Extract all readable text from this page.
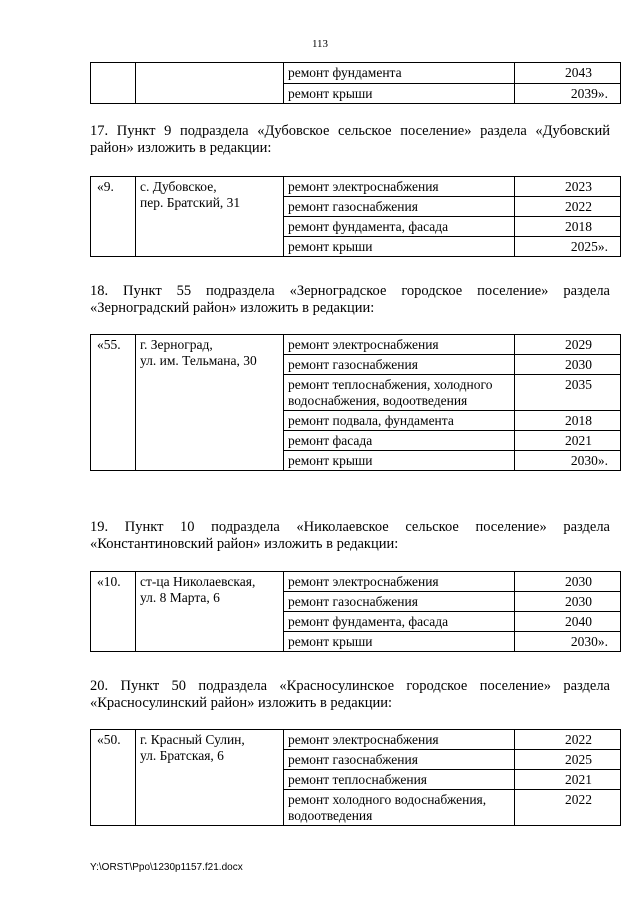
113
		ремонт фундамента	2043
		ремонт крыши	2039».
17. Пункт 9 подраздела «Дубовское сельское поселение» раздела «Дубовский район» изложить в редакции:
«9.	с. Дубовское,
пер. Братский, 31	ремонт электроснабжения	2023
		ремонт газоснабжения	2022
		ремонт фундамента, фасада	2018
		ремонт крыши	2025».
18. Пункт 55 подраздела «Зерноградское городское поселение» раздела «Зерноградский район» изложить в редакции:
«55.	г. Зерноград,
ул. им. Тельмана, 30	ремонт электроснабжения	2029
		ремонт газоснабжения	2030
		ремонт теплоснабжения, холодного водоснабжения, водоотведения	2035
		ремонт подвала, фундамента	2018
		ремонт фасада	2021
		ремонт крыши	2030».
19. Пункт 10 подраздела «Николаевское сельское поселение» раздела «Константиновский район» изложить в редакции:
«10.	ст-ца Николаевская,
ул. 8 Марта, 6	ремонт электроснабжения	2030
		ремонт газоснабжения	2030
		ремонт фундамента, фасада	2040
		ремонт крыши	2030».
20. Пункт 50 подраздела «Красносулинское городское поселение» раздела «Красносулинский район» изложить в редакции:
«50.	г. Красный Сулин,
ул. Братская, 6	ремонт электроснабжения	2022
		ремонт газоснабжения	2025
		ремонт теплоснабжения	2021
		ремонт холодного водоснабжения, водоотведения	2022
Y:\ORST\Ppo\1230p1157.f21.docx
